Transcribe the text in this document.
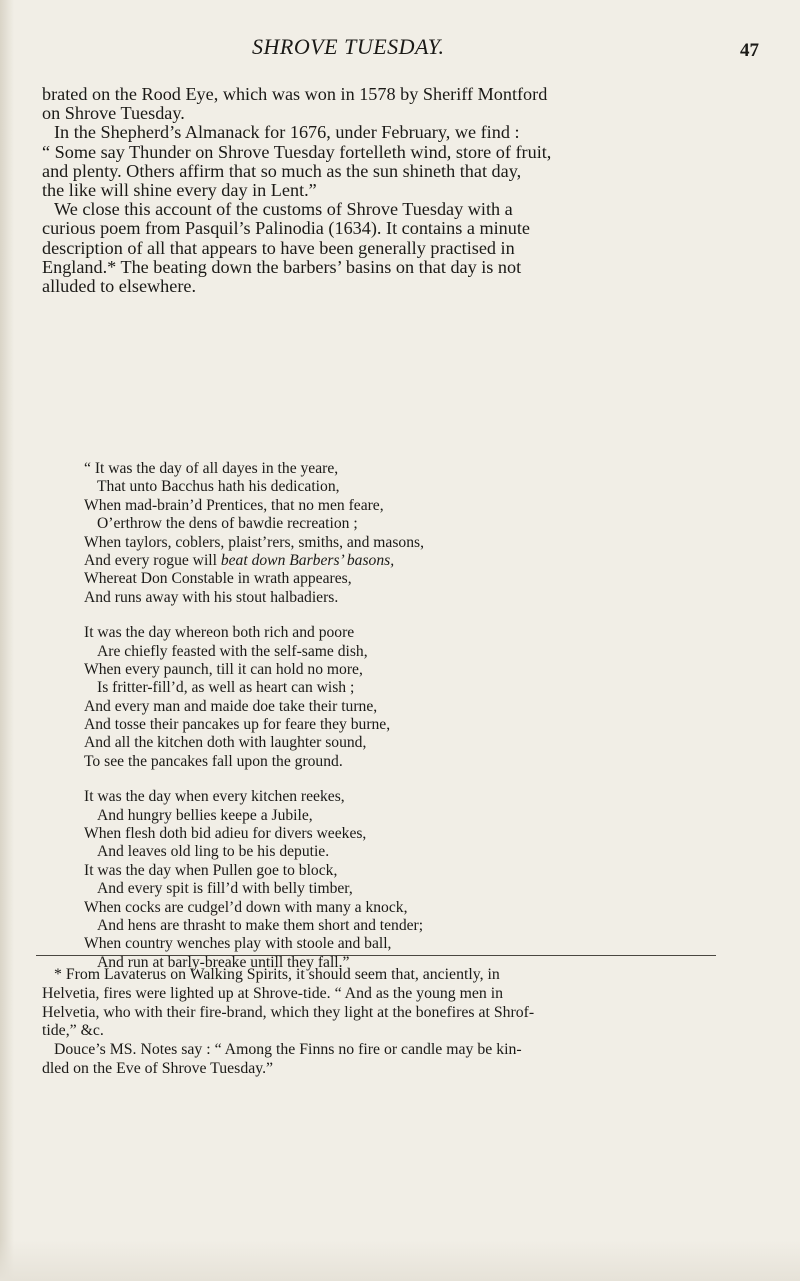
SHROVE TUESDAY.	47
brated on the Rood Eye, which was won in 1578 by Sheriff Montford
on Shrove Tuesday.
In the Shepherd’s Almanack for 1676, under February, we find :
“ Some say Thunder on Shrove Tuesday fortelleth wind, store of fruit,
and plenty. Others affirm that so much as the sun shineth that day,
the like will shine every day in Lent.”
We close this account of the customs of Shrove Tuesday with a
curious poem from Pasquil’s Palinodia (1634). It contains a minute
description of all that appears to have been generally practised in
England.* The beating down the barbers’ basins on that day is not
alluded to elsewhere.
“ It was the day of all dayes in the yeare,
That unto Bacchus hath his dedication,
When mad-brain’d Prentices, that no men feare,
O’erthrow the dens of bawdie recreation ;
When taylors, coblers, plaist’rers, smiths, and masons,
And every rogue will beat down Barbers’ basons,
Whereat Don Constable in wrath appeares,
And runs away with his stout halbadiers.
It was the day whereon both rich and poore
Are chiefly feasted with the self-same dish,
When every paunch, till it can hold no more,
Is fritter-fill’d, as well as heart can wish ;
And every man and maide doe take their turne,
And tosse their pancakes up for feare they burne,
And all the kitchen doth with laughter sound,
To see the pancakes fall upon the ground.
It was the day when every kitchen reekes,
And hungry bellies keepe a Jubile,
When flesh doth bid adieu for divers weekes,
And leaves old ling to be his deputie.
It was the day when Pullen goe to block,
And every spit is fill’d with belly timber,
When cocks are cudgel’d down with many a knock,
And hens are thrasht to make them short and tender;
When country wenches play with stoole and ball,
And run at barly-breake untill they fall.”
* From Lavaterus on Walking Spirits, it should seem that, anciently, in
Helvetia, fires were lighted up at Shrove-tide. “ And as the young men in
Helvetia, who with their fire-brand, which they light at the bonefires at Shrof-
tide,” &c.
Douce’s MS. Notes say : “ Among the Finns no fire or candle may be kin-
dled on the Eve of Shrove Tuesday.”
